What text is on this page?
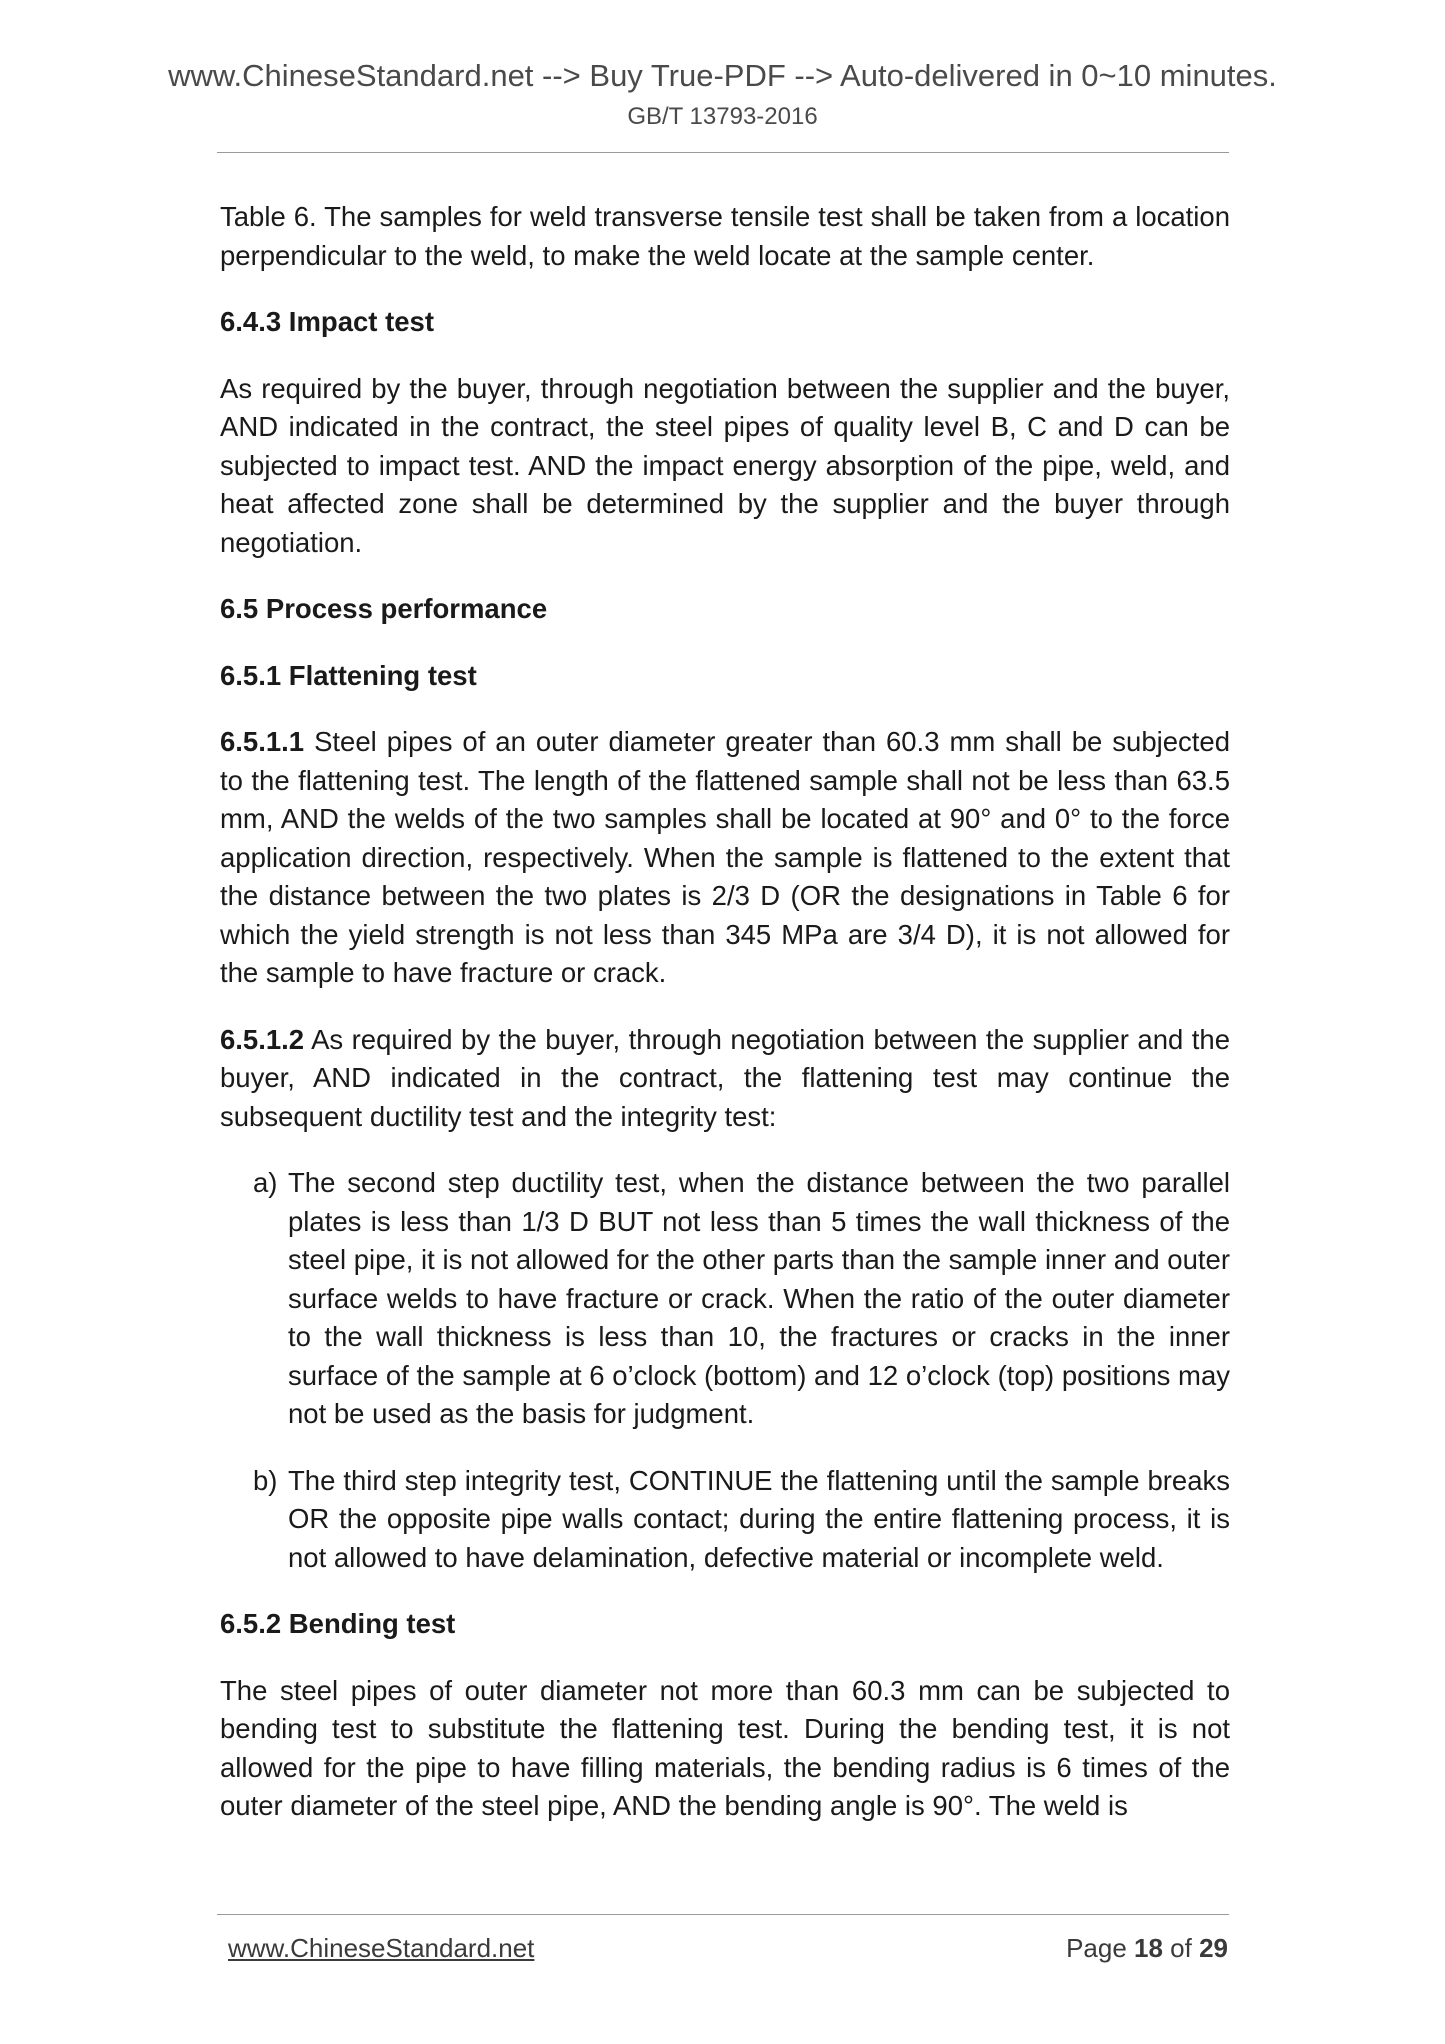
www.ChineseStandard.net --> Buy True-PDF --> Auto-delivered in 0~10 minutes.
GB/T 13793-2016

Table 6. The samples for weld transverse tensile test shall be taken from a location perpendicular to the weld, to make the weld locate at the sample center.

6.4.3 Impact test

As required by the buyer, through negotiation between the supplier and the buyer, AND indicated in the contract, the steel pipes of quality level B, C and D can be subjected to impact test. AND the impact energy absorption of the pipe, weld, and heat affected zone shall be determined by the supplier and the buyer through negotiation.

6.5 Process performance
6.5.1 Flattening test

6.5.1.1 Steel pipes of an outer diameter greater than 60.3 mm shall be subjected to the flattening test. The length of the flattened sample shall not be less than 63.5 mm, AND the welds of the two samples shall be located at 90° and 0° to the force application direction, respectively. When the sample is flattened to the extent that the distance between the two plates is 2/3 D (OR the designations in Table 6 for which the yield strength is not less than 345 MPa are 3/4 D), it is not allowed for the sample to have fracture or crack.

6.5.1.2 As required by the buyer, through negotiation between the supplier and the buyer, AND indicated in the contract, the flattening test may continue the subsequent ductility test and the integrity test:

a) The second step ductility test, when the distance between the two parallel plates is less than 1/3 D BUT not less than 5 times the wall thickness of the steel pipe, it is not allowed for the other parts than the sample inner and outer surface welds to have fracture or crack. When the ratio of the outer diameter to the wall thickness is less than 10, the fractures or cracks in the inner surface of the sample at 6 o’clock (bottom) and 12 o’clock (top) positions may not be used as the basis for judgment.
b) The third step integrity test, CONTINUE the flattening until the sample breaks OR the opposite pipe walls contact; during the entire flattening process, it is not allowed to have delamination, defective material or incomplete weld.
6.5.2 Bending test

The steel pipes of outer diameter not more than 60.3 mm can be subjected to bending test to substitute the flattening test. During the bending test, it is not allowed for the pipe to have filling materials, the bending radius is 6 times of the outer diameter of the steel pipe, AND the bending angle is 90°. The weld is

www.ChineseStandard.net	Page 18 of 29
